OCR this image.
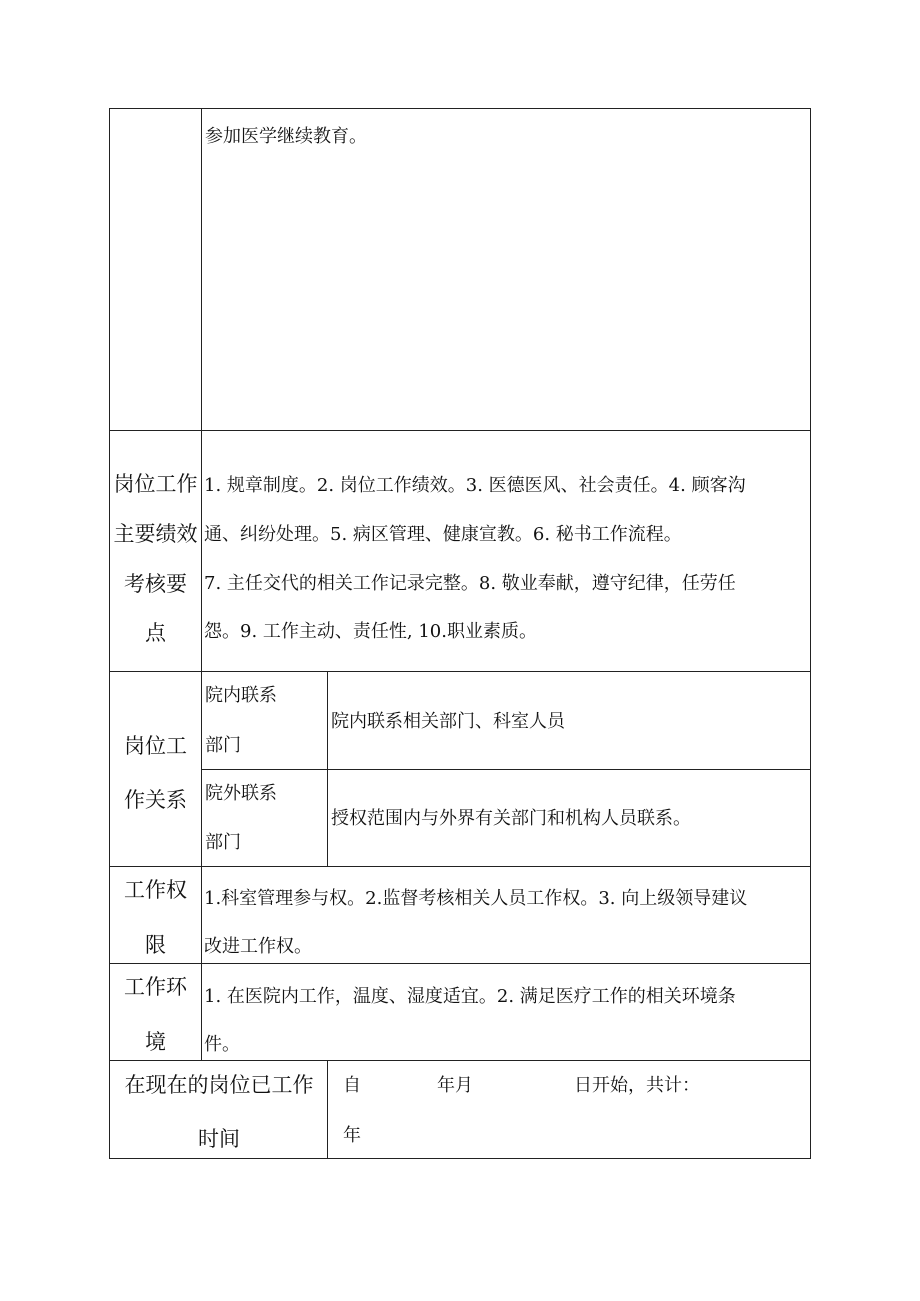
参加医学继续教育。
岗位工作
主要绩效
考核要
点
1. 规章制度。2. 岗位工作绩效。3. 医德医风、社会责任。4. 顾客沟
通、纠纷处理。5. 病区管理、健康宣教。6. 秘书工作流程。
7. 主任交代的相关工作记录完整。8. 敬业奉献，遵守纪律，任劳任
怨。9. 工作主动、责任性, 10.职业素质。
岗位工
作关系
院内联系
部门
院内联系相关部门、科室人员
院外联系
部门
授权范围内与外界有关部门和机构人员联系。
工作权
限
1.科室管理参与权。2.监督考核相关人员工作权。3. 向上级领导建议
改进工作权。
工作环
境
1. 在医院内工作，温度、湿度适宜。2. 满足医疗工作的相关环境条
件。
在现在的岗位已工作
时间
自	年月	日开始，共计：
年
